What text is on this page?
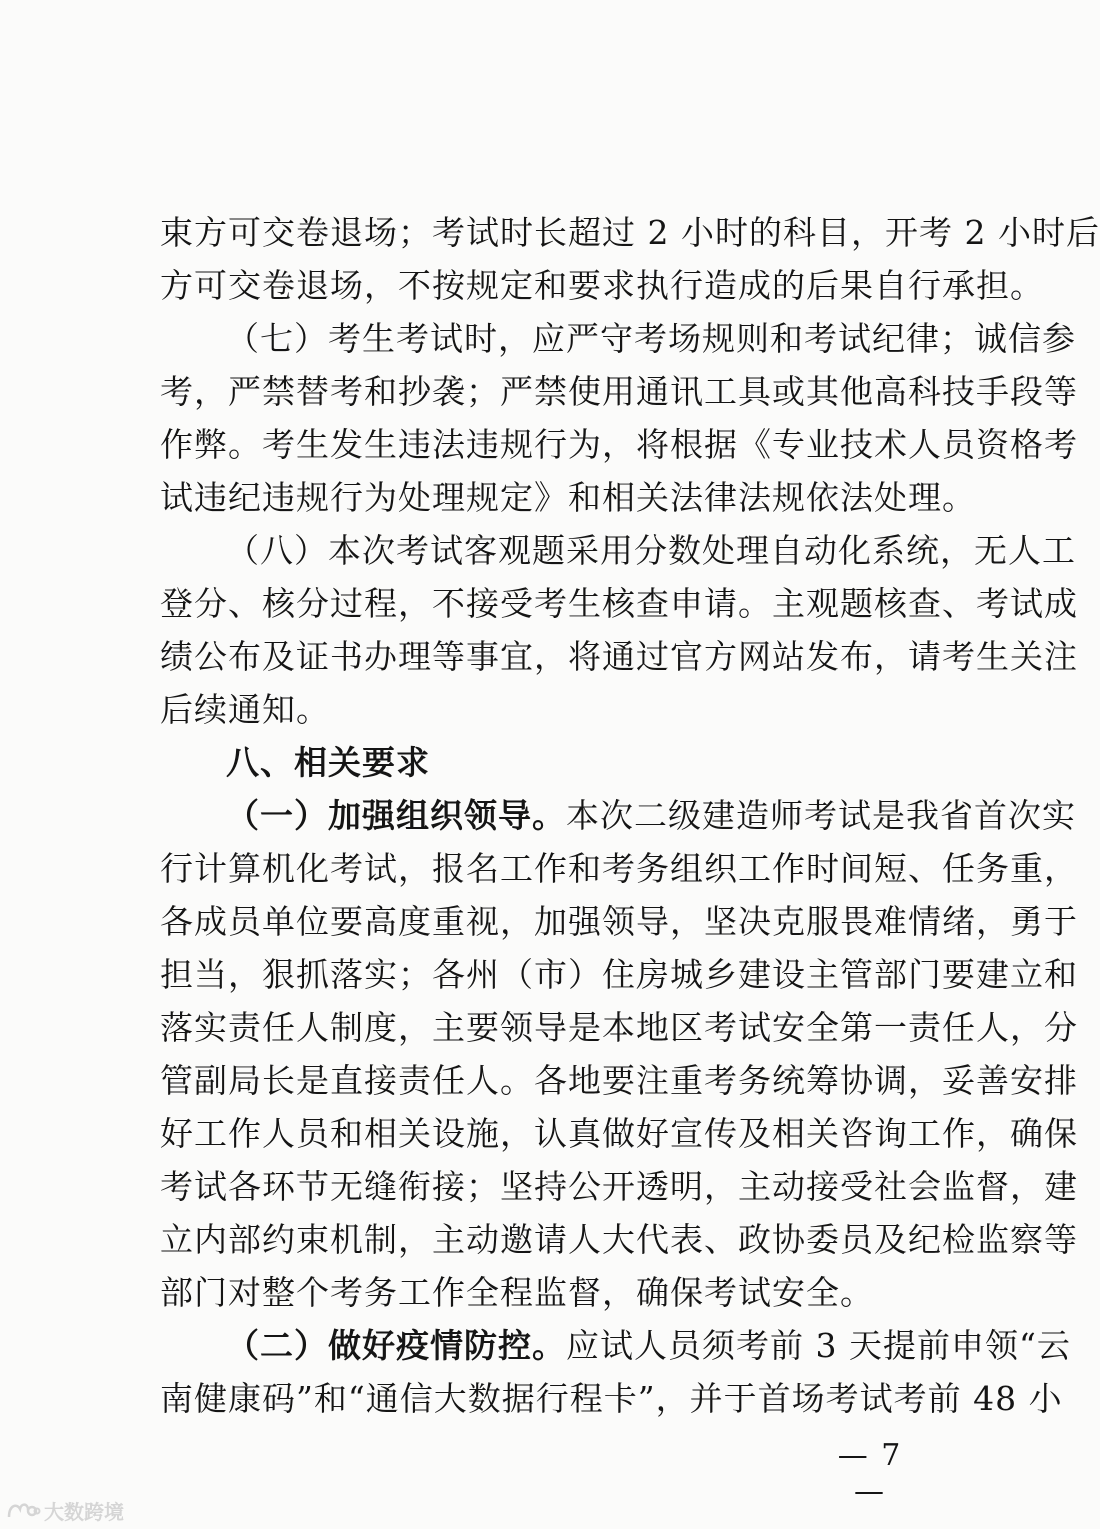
束方可交卷退场；考试时长超过 2 小时的科目，开考 2 小时后
方可交卷退场，不按规定和要求执行造成的后果自行承担。
（七）考生考试时，应严守考场规则和考试纪律；诚信参
考，严禁替考和抄袭；严禁使用通讯工具或其他高科技手段等
作弊。考生发生违法违规行为，将根据《专业技术人员资格考
试违纪违规行为处理规定》和相关法律法规依法处理。
（八）本次考试客观题采用分数处理自动化系统，无人工
登分、核分过程，不接受考生核查申请。主观题核查、考试成
绩公布及证书办理等事宜，将通过官方网站发布，请考生关注
后续通知。
八、相关要求
（一）加强组织领导。本次二级建造师考试是我省首次实
行计算机化考试，报名工作和考务组织工作时间短、任务重，
各成员单位要高度重视，加强领导，坚决克服畏难情绪，勇于
担当，狠抓落实；各州（市）住房城乡建设主管部门要建立和
落实责任人制度，主要领导是本地区考试安全第一责任人，分
管副局长是直接责任人。各地要注重考务统筹协调，妥善安排
好工作人员和相关设施，认真做好宣传及相关咨询工作，确保
考试各环节无缝衔接；坚持公开透明，主动接受社会监督，建
立内部约束机制，主动邀请人大代表、政协委员及纪检监察等
部门对整个考务工作全程监督，确保考试安全。
（二）做好疫情防控。应试人员须考前 3 天提前申领“云
南健康码”和“通信大数据行程卡”，并于首场考试考前 48 小
— 7 —
大数跨境
